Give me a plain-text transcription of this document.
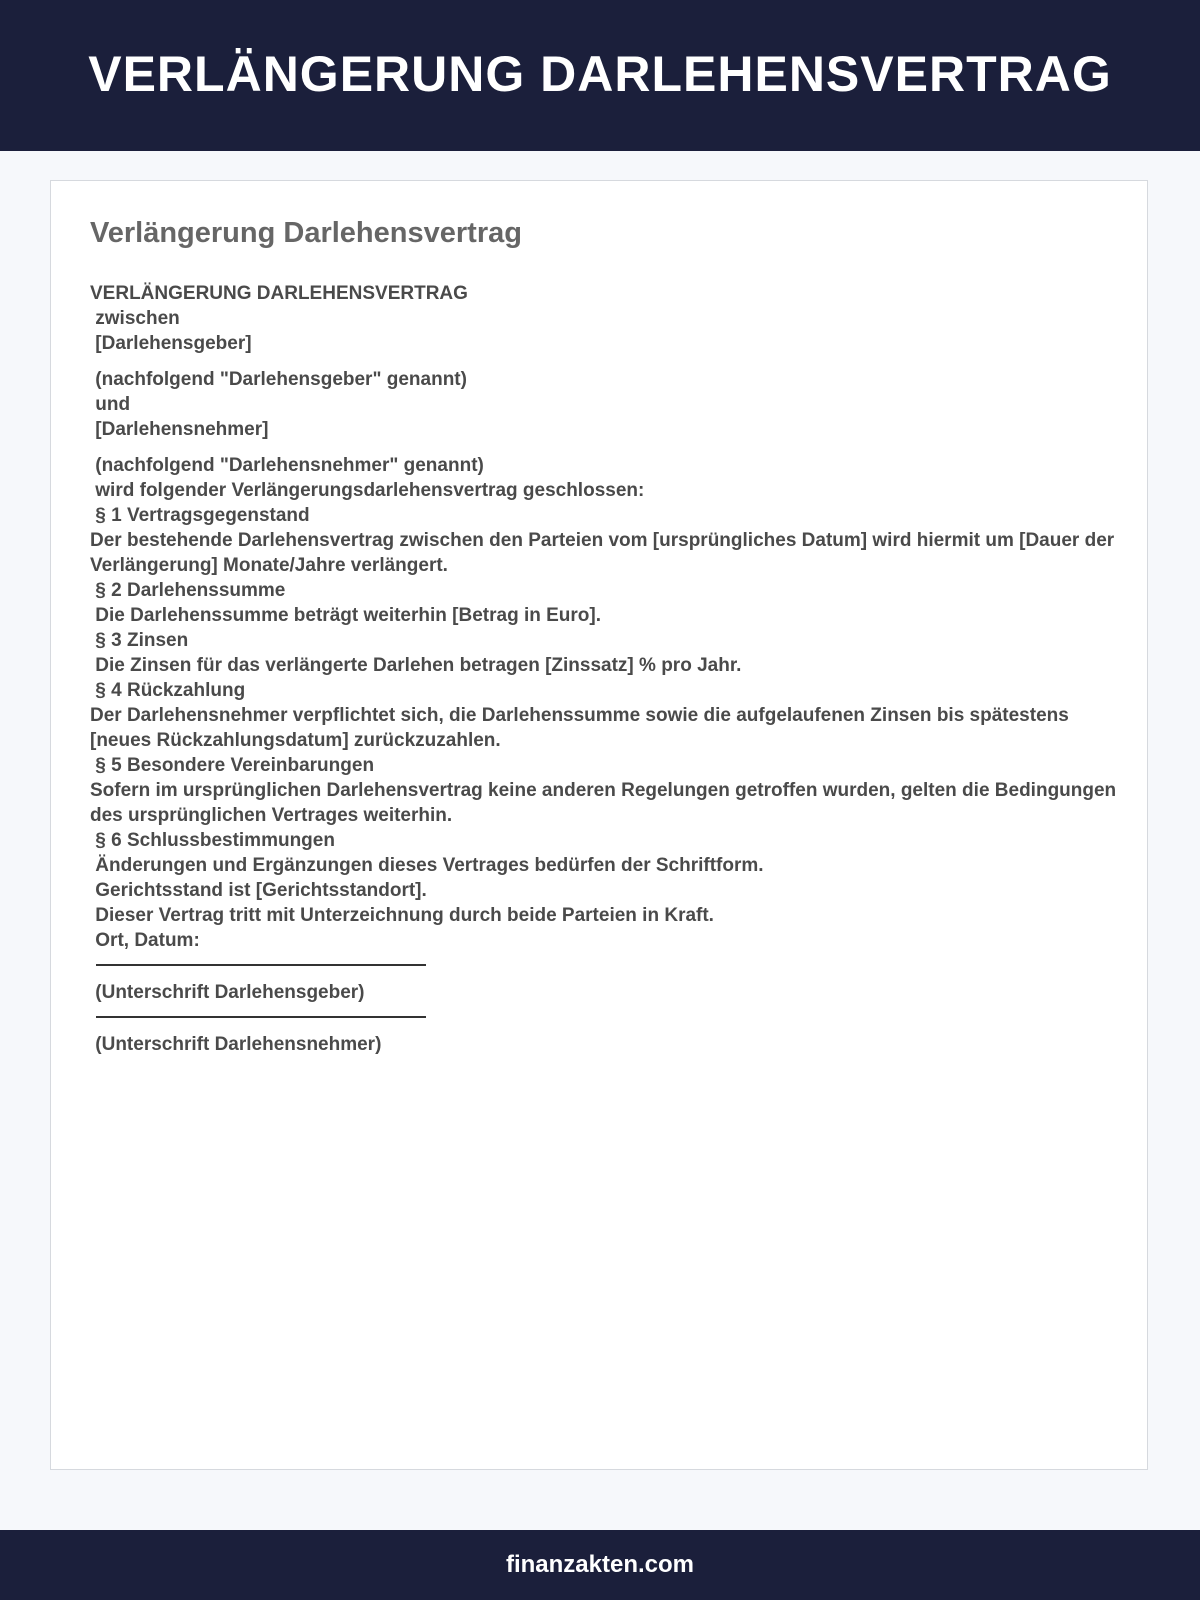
VERLÄNGERUNG DARLEHENSVERTRAG
Verlängerung Darlehensvertrag
VERLÄNGERUNG DARLEHENSVERTRAG
zwischen
[Darlehensgeber]
(nachfolgend "Darlehensgeber" genannt)
und
[Darlehensnehmer]
(nachfolgend "Darlehensnehmer" genannt)
wird folgender Verlängerungsdarlehensvertrag geschlossen:
§ 1 Vertragsgegenstand
Der bestehende Darlehensvertrag zwischen den Parteien vom [ursprüngliches Datum] wird hiermit um [Dauer der Verlängerung] Monate/Jahre verlängert.
§ 2 Darlehenssumme
Die Darlehenssumme beträgt weiterhin [Betrag in Euro].
§ 3 Zinsen
Die Zinsen für das verlängerte Darlehen betragen [Zinssatz] % pro Jahr.
§ 4 Rückzahlung
Der Darlehensnehmer verpflichtet sich, die Darlehenssumme sowie die aufgelaufenen Zinsen bis spätestens [neues Rückzahlungsdatum] zurückzuzahlen.
§ 5 Besondere Vereinbarungen
Sofern im ursprünglichen Darlehensvertrag keine anderen Regelungen getroffen wurden, gelten die Bedingungen des ursprünglichen Vertrages weiterhin.
§ 6 Schlussbestimmungen
Änderungen und Ergänzungen dieses Vertrages bedürfen der Schriftform.
Gerichtsstand ist [Gerichtsstandort].
Dieser Vertrag tritt mit Unterzeichnung durch beide Parteien in Kraft.
Ort, Datum:
(Unterschrift Darlehensgeber)
(Unterschrift Darlehensnehmer)
finanzakten.com
